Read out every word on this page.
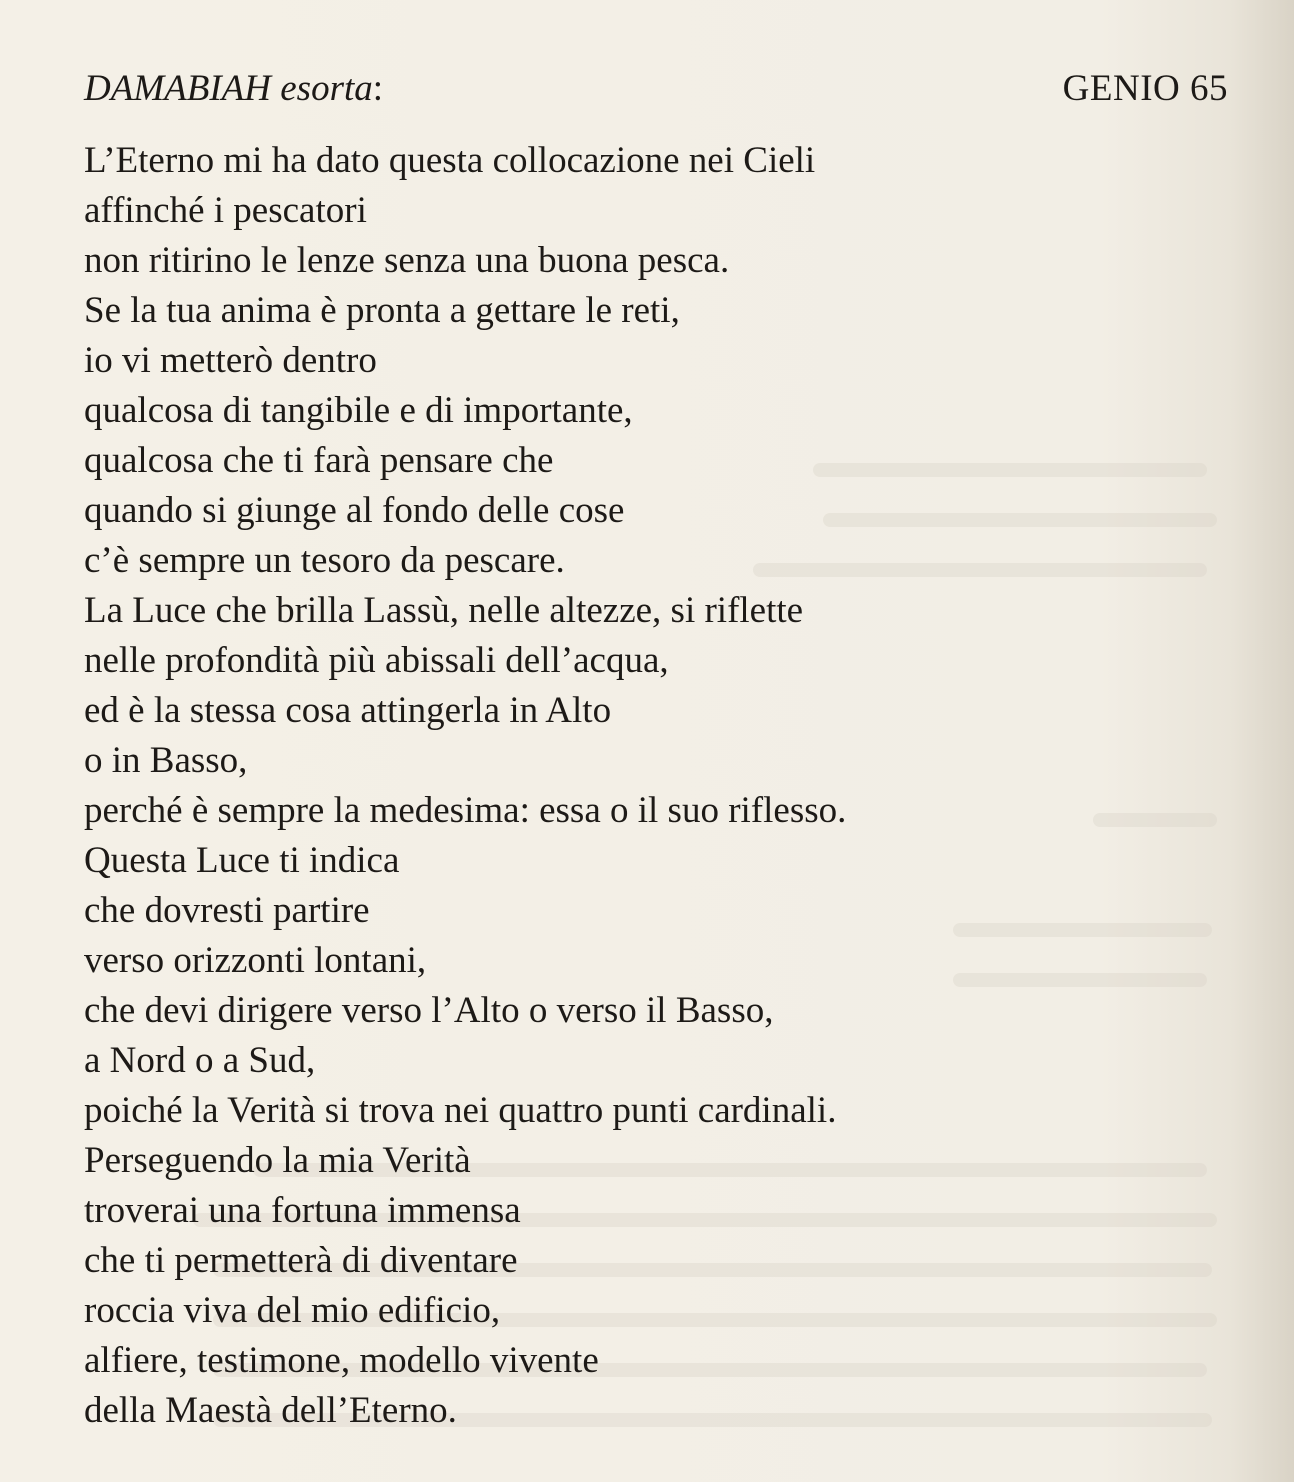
DAMABIAH esorta:	GENIO 65
L’Eterno mi ha dato questa collocazione nei Cieli
affinché i pescatori
non ritirino le lenze senza una buona pesca.
Se la tua anima è pronta a gettare le reti,
io vi metterò dentro
qualcosa di tangibile e di importante,
qualcosa che ti farà pensare che
quando si giunge al fondo delle cose
c’è sempre un tesoro da pescare.
La Luce che brilla Lassù, nelle altezze, si riflette
nelle profondità più abissali dell’acqua,
ed è la stessa cosa attingerla in Alto
o in Basso,
perché è sempre la medesima: essa o il suo riflesso.
Questa Luce ti indica
che dovresti partire
verso orizzonti lontani,
che devi dirigere verso l’Alto o verso il Basso,
a Nord o a Sud,
poiché la Verità si trova nei quattro punti cardinali.
Perseguendo la mia Verità
troverai una fortuna immensa
che ti permetterà di diventare
roccia viva del mio edificio,
alfiere, testimone, modello vivente
della Maestà dell’Eterno.
